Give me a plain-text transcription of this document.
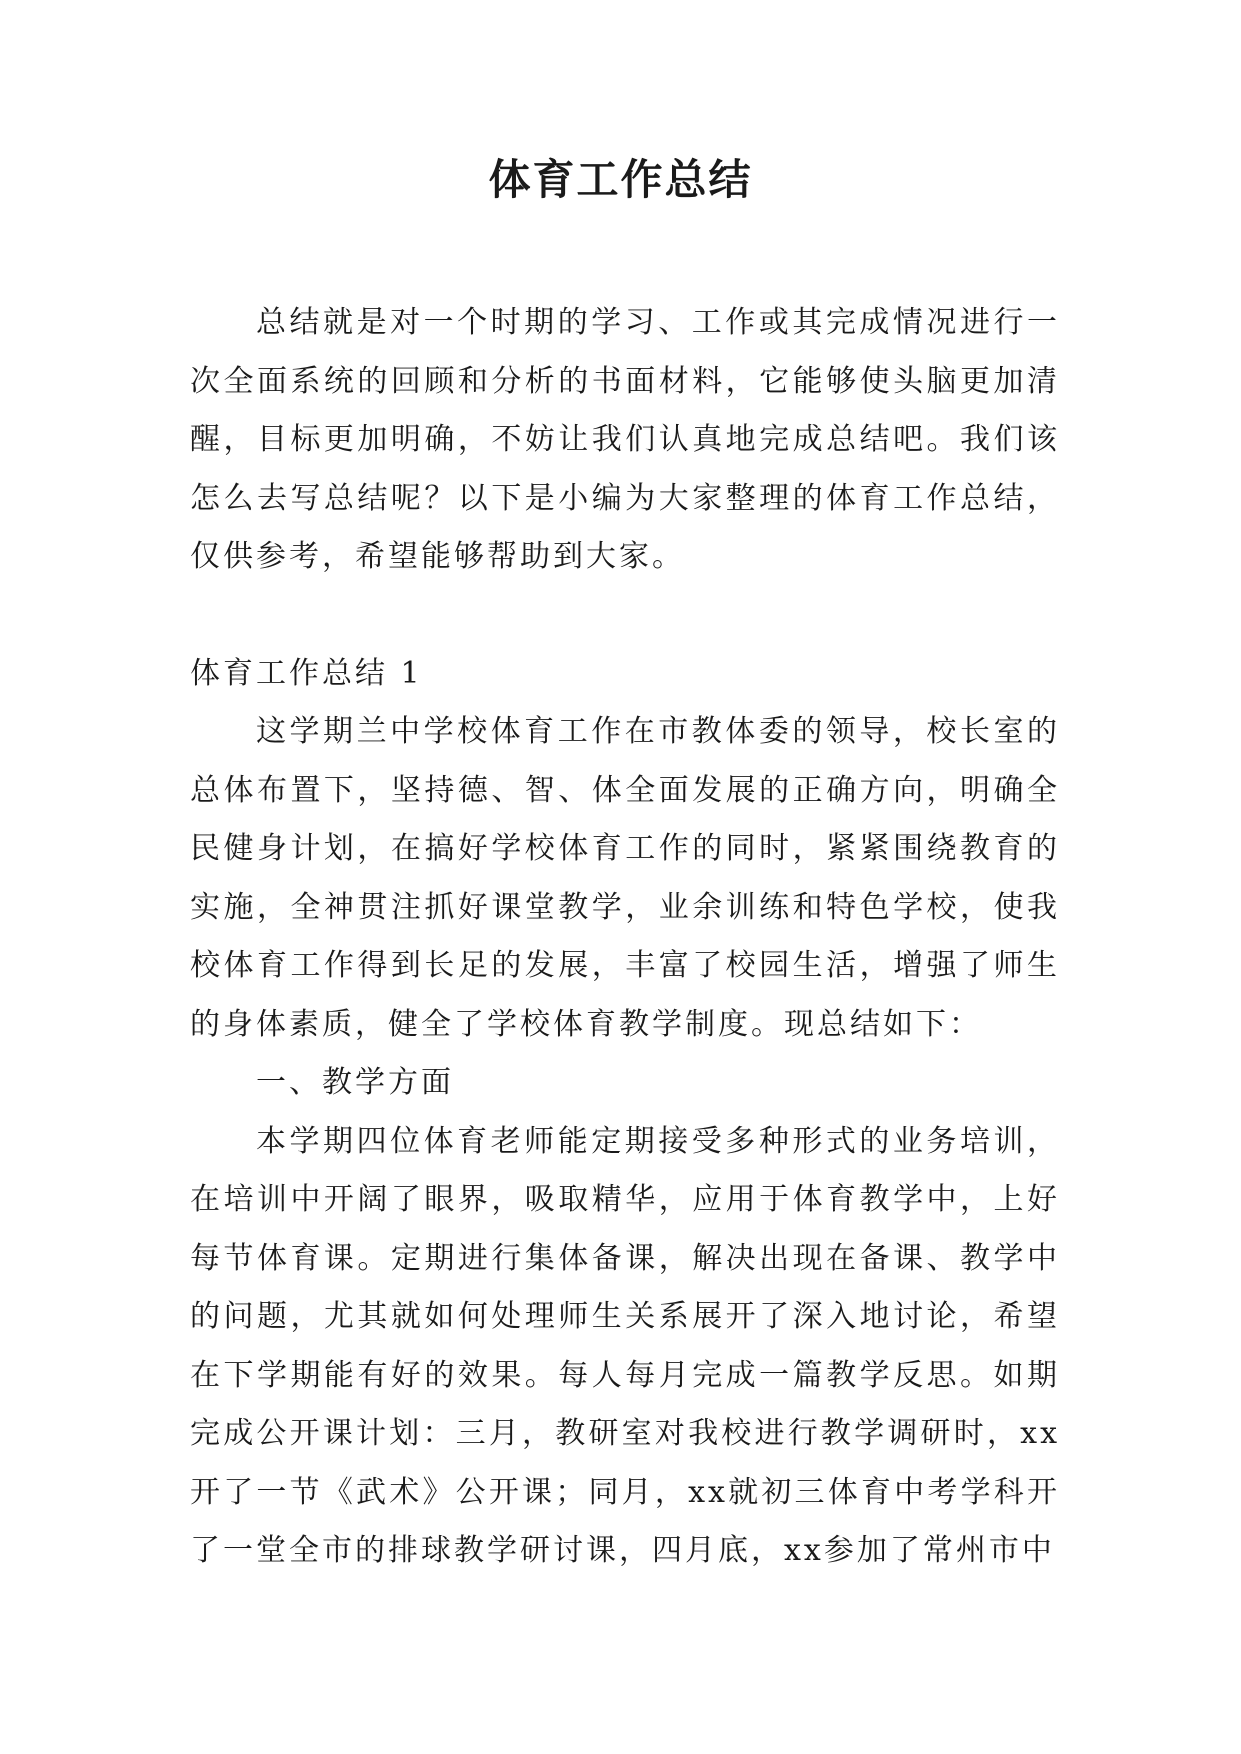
体育工作总结

总结就是对一个时期的学习、工作或其完成情况进行一次全面系统的回顾和分析的书面材料，它能够使头脑更加清醒，目标更加明确，不妨让我们认真地完成总结吧。我们该怎么去写总结呢？以下是小编为大家整理的体育工作总结，仅供参考，希望能够帮助到大家。

体育工作总结 1

这学期兰中学校体育工作在市教体委的领导，校长室的总体布置下，坚持德、智、体全面发展的正确方向，明确全民健身计划，在搞好学校体育工作的同时，紧紧围绕教育的实施，全神贯注抓好课堂教学，业余训练和特色学校，使我校体育工作得到长足的发展，丰富了校园生活，增强了师生的身体素质，健全了学校体育教学制度。现总结如下：

一、教学方面

本学期四位体育老师能定期接受多种形式的业务培训，在培训中开阔了眼界，吸取精华，应用于体育教学中，上好每节体育课。定期进行集体备课，解决出现在备课、教学中的问题，尤其就如何处理师生关系展开了深入地讨论，希望在下学期能有好的效果。每人每月完成一篇教学反思。如期完成公开课计划：三月，教研室对我校进行教学调研时，xx开了一节《武术》公开课；同月，xx就初三体育中考学科开了一堂全市的排球教学研讨课，四月底，xx参加了常州市中
